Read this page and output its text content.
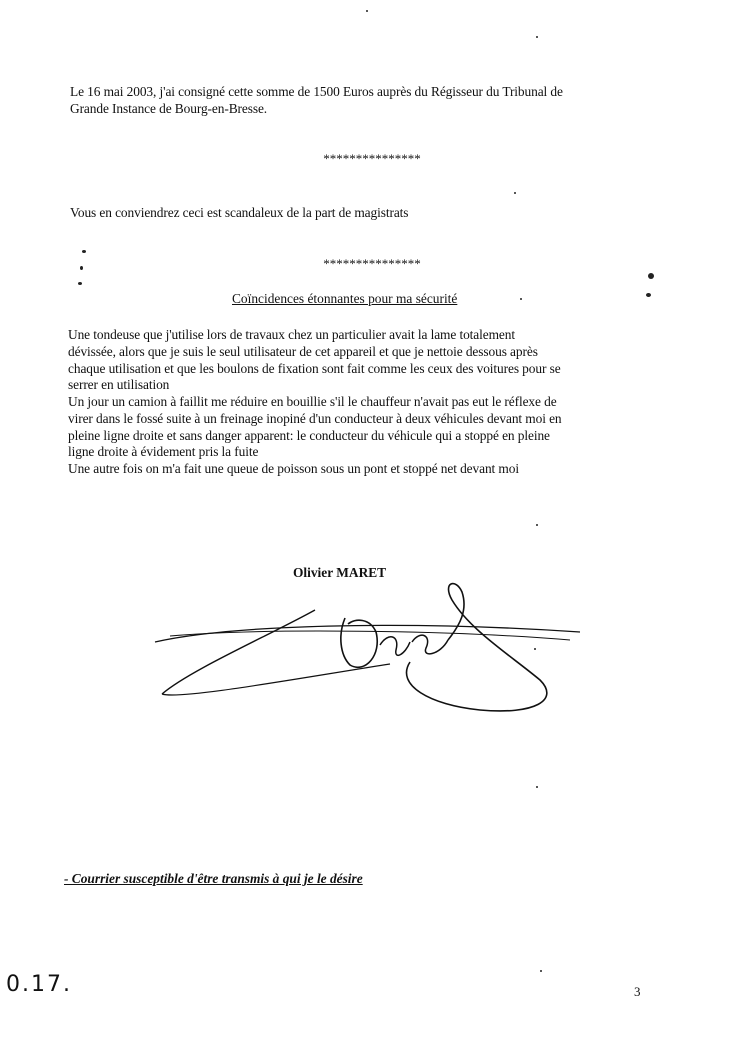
Le 16 mai 2003, j'ai consigné cette somme de 1500 Euros auprès du Régisseur du Tribunal de
Grande Instance de Bourg-en-Bresse.
***************
Vous en conviendrez ceci est scandaleux de la part de magistrats
***************
Coïncidences étonnantes pour ma sécurité
Une tondeuse que j'utilise lors de travaux chez un particulier avait la lame totalement
dévissée, alors que je suis le seul utilisateur de cet appareil et que je nettoie dessous après
chaque utilisation et que les boulons de fixation sont fait comme les ceux des voitures pour se
serrer en utilisation
Un jour un camion à faillit me réduire en bouillie s'il le chauffeur n'avait pas eut le réflexe de
virer dans le fossé suite à un freinage inopiné d'un conducteur à deux véhicules devant moi en
pleine ligne droite et sans danger apparent: le conducteur du véhicule qui a stoppé en pleine
ligne droite à évidement pris la fuite
Une autre fois on m'a fait une queue de poisson sous un pont et stoppé net devant moi
Olivier MARET
- Courrier susceptible d'être transmis à qui je le désire
0.17.	3
